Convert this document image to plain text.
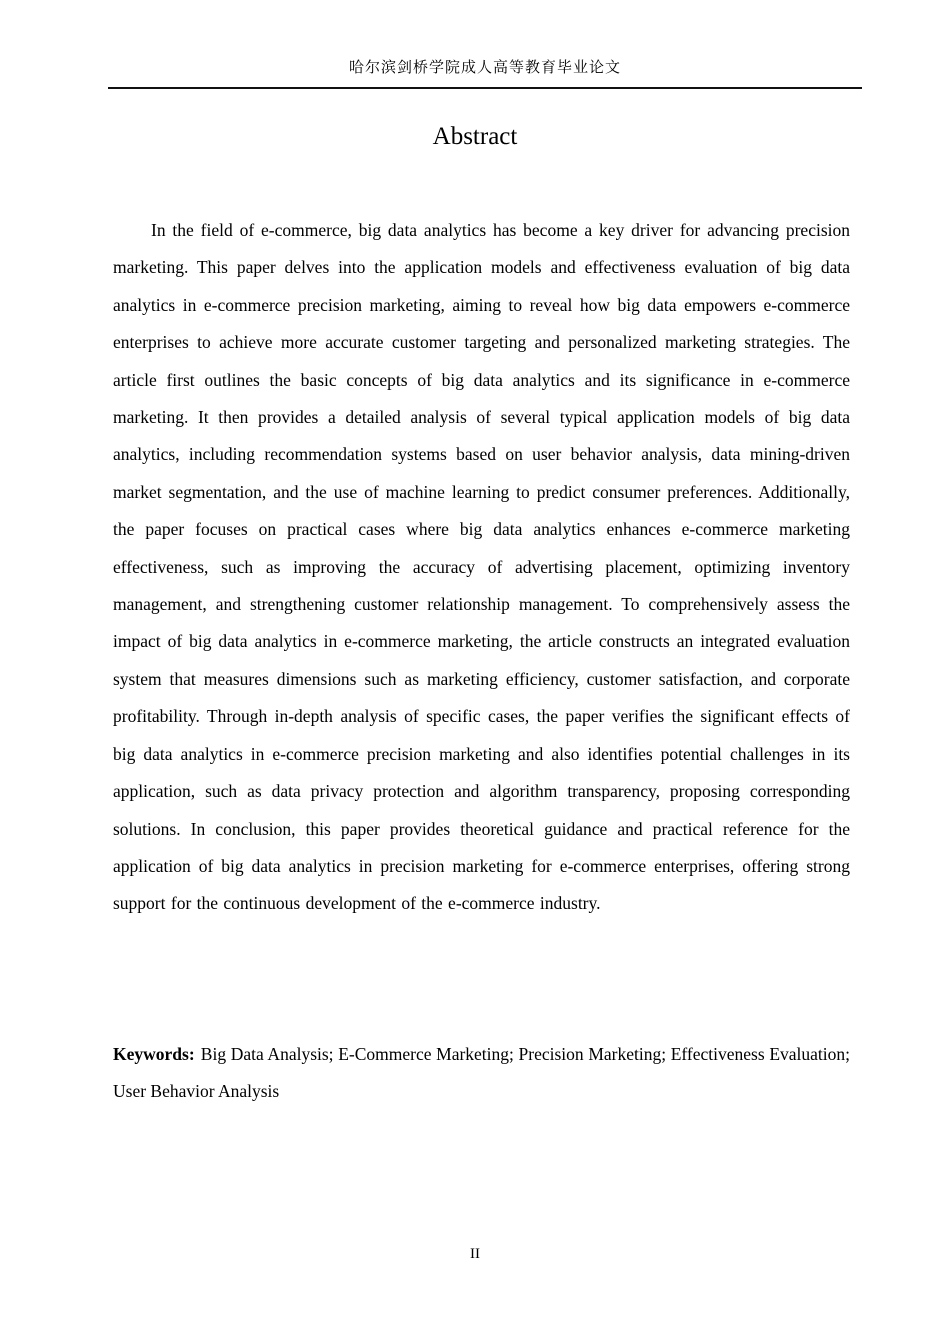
哈尔滨剑桥学院成人高等教育毕业论文
Abstract

In the field of e-commerce, big data analytics has become a key driver for advancing precision marketing. This paper delves into the application models and effectiveness evaluation of big data analytics in e-commerce precision marketing, aiming to reveal how big data empowers e-commerce enterprises to achieve more accurate customer targeting and personalized marketing strategies. The article first outlines the basic concepts of big data analytics and its significance in e-commerce marketing. It then provides a detailed analysis of several typical application models of big data analytics, including recommendation systems based on user behavior analysis, data mining-driven market segmentation, and the use of machine learning to predict consumer preferences. Additionally, the paper focuses on practical cases where big data analytics enhances e-commerce marketing effectiveness, such as improving the accuracy of advertising placement, optimizing inventory management, and strengthening customer relationship management. To comprehensively assess the impact of big data analytics in e-commerce marketing, the article constructs an integrated evaluation system that measures dimensions such as marketing efficiency, customer satisfaction, and corporate profitability. Through in-depth analysis of specific cases, the paper verifies the significant effects of big data analytics in e-commerce precision marketing and also identifies potential challenges in its application, such as data privacy protection and algorithm transparency, proposing corresponding solutions. In conclusion, this paper provides theoretical guidance and practical reference for the application of big data analytics in precision marketing for e-commerce enterprises, offering strong support for the continuous development of the e-commerce industry.

Keywords: Big Data Analysis; E-Commerce Marketing; Precision Marketing; Effectiveness Evaluation; User Behavior Analysis

II
